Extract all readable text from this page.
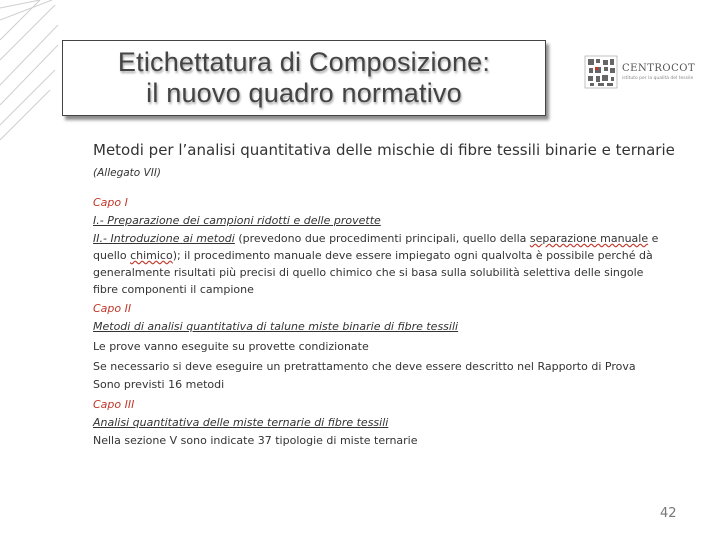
Etichettatura di Composizione:
il nuovo quadro normativo
CENTROCOT
istituto per la qualità del tessile
Metodi per l’analisi quantitativa delle mischie di fibre tessili binarie e ternarie (Allegato VII)

Capo I

I.- Preparazione dei campioni ridotti e delle provette

II.- Introduzione ai metodi (prevedono due procedimenti principali, quello della separazione manuale e quello chimico); il procedimento manuale deve essere impiegato ogni qualvolta è possibile perché dà generalmente risultati più precisi di quello chimico che si basa sulla solubilità selettiva delle singole fibre componenti il campione

Capo II

Metodi di analisi quantitativa di talune miste binarie di fibre tessili

Le prove vanno eseguite su provette condizionate

Se necessario si deve eseguire un pretrattamento che deve essere descritto nel Rapporto di Prova

Sono previsti 16 metodi

Capo III

Analisi quantitativa delle miste ternarie di fibre tessili

Nella sezione V sono indicate 37 tipologie di miste ternarie

42
